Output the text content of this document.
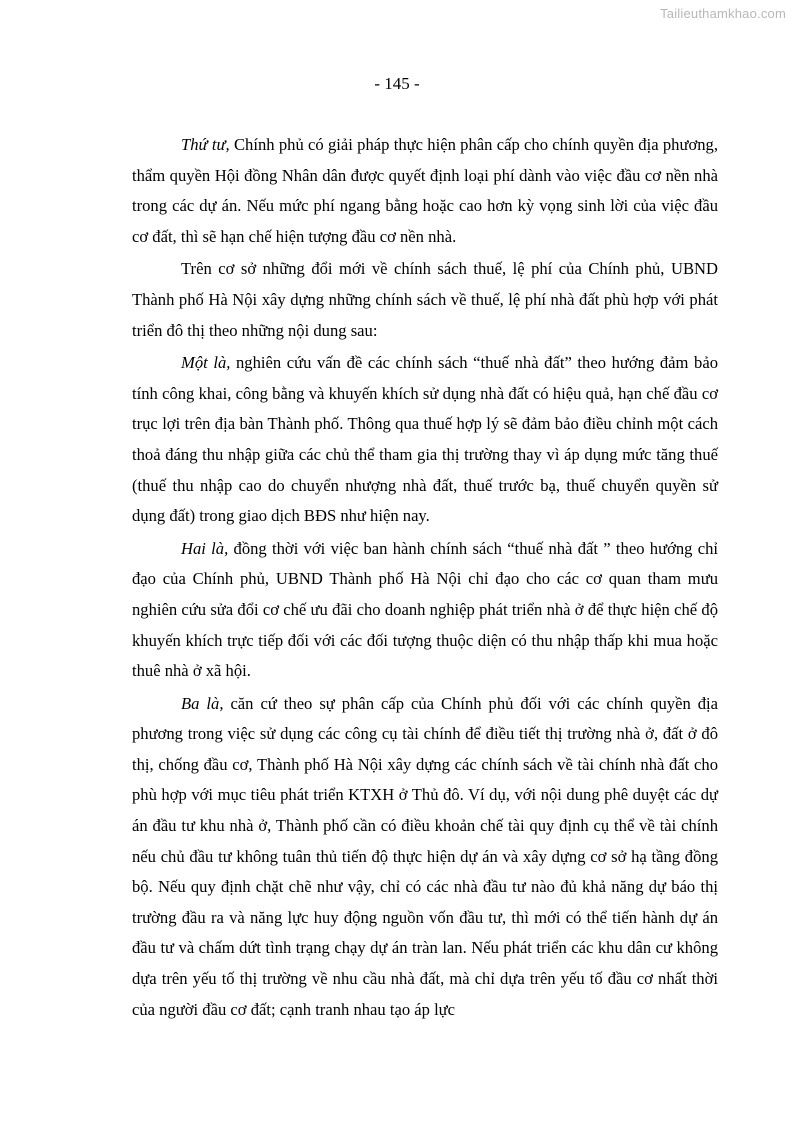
Tailieuthamkhao.com
- 145 -

Thứ tư, Chính phủ có giải pháp thực hiện phân cấp cho chính quyền địa phương, thẩm quyền Hội đồng Nhân dân được quyết định loại phí dành vào việc đầu cơ nền nhà trong các dự án. Nếu mức phí ngang bằng hoặc cao hơn kỳ vọng sinh lời của việc đầu cơ đất, thì sẽ hạn chế hiện tượng đầu cơ nền nhà.

Trên cơ sở những đổi mới về chính sách thuế, lệ phí của Chính phủ, UBND Thành phố Hà Nội xây dựng những chính sách về thuế, lệ phí nhà đất phù hợp với phát triển đô thị theo những nội dung sau:

Một là, nghiên cứu vấn đề các chính sách “thuế nhà đất” theo hướng đảm bảo tính công khai, công bằng và khuyến khích sử dụng nhà đất có hiệu quả, hạn chế đầu cơ trục lợi trên địa bàn Thành phố. Thông qua thuế hợp lý sẽ đảm bảo điều chỉnh một cách thoả đáng thu nhập giữa các chủ thể tham gia thị trường thay vì áp dụng mức tăng thuế (thuế thu nhập cao do chuyển nhượng nhà đất, thuế trước bạ, thuế chuyển quyền sử dụng đất) trong giao dịch BĐS như hiện nay.

Hai là, đồng thời với việc ban hành chính sách “thuế nhà đất ” theo hướng chỉ đạo của Chính phủ, UBND Thành phố Hà Nội chỉ đạo cho các cơ quan tham mưu nghiên cứu sửa đổi cơ chế ưu đãi cho doanh nghiệp phát triển nhà ở để thực hiện chế độ khuyến khích trực tiếp đối với các đối tượng thuộc diện có thu nhập thấp khi mua hoặc thuê nhà ở xã hội.

Ba là, căn cứ theo sự phân cấp của Chính phủ đối với các chính quyền địa phương trong việc sử dụng các công cụ tài chính để điều tiết thị trường nhà ở, đất ở đô thị, chống đầu cơ, Thành phố Hà Nội xây dựng các chính sách về tài chính nhà đất cho phù hợp với mục tiêu phát triển KTXH ở Thủ đô. Ví dụ, với nội dung phê duyệt các dự án đầu tư khu nhà ở, Thành phố cần có điều khoản chế tài quy định cụ thể về tài chính nếu chủ đầu tư không tuân thủ tiến độ thực hiện dự án và xây dựng cơ sở hạ tầng đồng bộ. Nếu quy định chặt chẽ như vậy, chỉ có các nhà đầu tư nào đủ khả năng dự báo thị trường đầu ra và năng lực huy động nguồn vốn đầu tư, thì mới có thể tiến hành dự án đầu tư và chấm dứt tình trạng chạy dự án tràn lan. Nếu phát triển các khu dân cư không dựa trên yếu tố thị trường về nhu cầu nhà đất, mà chỉ dựa trên yếu tố đầu cơ nhất thời của người đầu cơ đất; cạnh tranh nhau tạo áp lực
